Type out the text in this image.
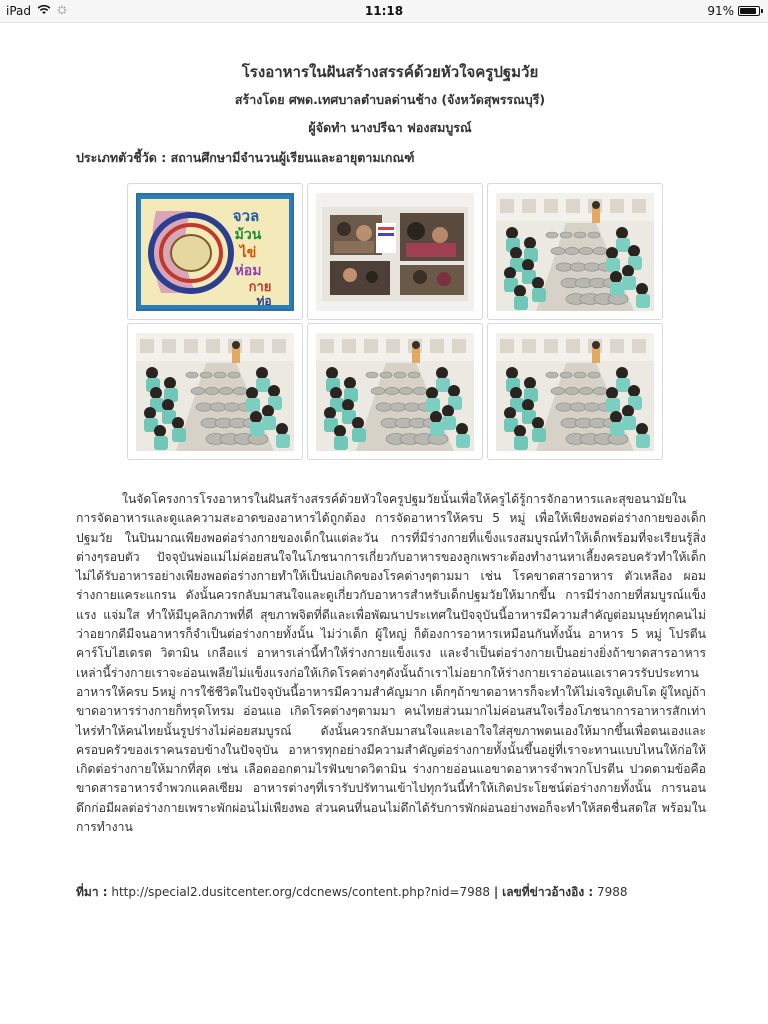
iPad	11:18	91%
โรงอาหารในฝันสร้างสรรค์ด้วยหัวใจครูปฐมวัย
สร้างโดย ศพด.เทศบาลตำบลด่านช้าง (จังหวัดสุพรรณบุรี)
ผู้จัดทำ นางปรีฉา ฟองสมบูรณ์
ประเภทตัวชี้วัด : สถานศึกษามีจำนวนผู้เรียนและอายุตามเกณฑ์
จวล
ม้วน
ไข่
ห่อม
กาย
ท่อ
ในจัดโครงการโรงอาหารในฝันสร้างสรรค์ด้วยหัวใจครูปฐมวัยนั้นเพื่อให้ครูได้รู้การจักอาหารและสุขอนามัยในการจัดอาหารและดูแลความสะอาดของอาหารได้ถูกต้อง การจัดอาหารให้ครบ 5 หมู่ เพื่อให้เพียงพอต่อร่างกายของเด็กปฐมวัย ในปินมาณเพียงพอต่อร่างกายของเด็กในแต่ละวัน การที่มีร่างกายที่แข็งแรงสมบูรณ์ทำให้เด็กพร้อมที่จะเรียนรู้สิ่งต่างๆรอบตัว ปัจจุบันพ่อแม่ไม่ค่อยสนใจในโภชนาการเกี่ยวกับอาหารของลูกเพราะต้องทำงานหาเลี้ยงครอบครัวทำให้เด็กไม่ได้รับอาหารอย่างเพียงพอต่อร่างกายทำให้เป็นบ่อเกิดของโรคต่างๆตามมา เช่น โรคขาดสารอาหาร ตัวเหลือง ผอม ร่างกายแคระแกรน ดังนั้นควรกลับมาสนใจและดูเกี่ยวกับอาหารสำหรับเด็กปฐมวัยให้มากขึ้น การมีร่างกายที่สมบูรณ์แข็งแรง แจ่มใส ทำให้มีบุคลิกภาพที่ดี สุขภาพจิตที่ดีและเพื่อพัฒนาประเทศในปัจจุบันนี้อาหารมีความสำคัญต่อมนุษย์ทุกคนไม่ว่าอยากดีมีจนอาหารก็จำเป็นต่อร่างกายทั้งนั้น ไม่ว่าเด็ก ผู้ใหญ่ ก็ต้องการอาหารเหมือนกันทั้งนั้น อาหาร 5 หมู่ โปรตีน คาร์โบไฮเดรต วิตามิน เกลือแร่ อาหารเล่านี้ทำให้ร่างกายแข็งแรง และจำเป็นต่อร่างกายเป็นอย่างยิ่งถ้าขาดสารอาหารเหล่านี้ร่างกายเราจะอ่อนเพลียไม่แข็งแรงก่อให้เกิดโรคต่างๆดังนั้นถ้าเราไม่อยากให้ร่างกายเราอ่อนแอเราควรรับประทานอาหารให้ครบ 5หมู่ การใช้ชีวิตในปัจจุบันนี้อาหารมีความสำคัญมาก เด็กๆถ้าขาดอาหารก็จะทำให้ไม่เจริญเติบโต ผู้ใหญ่ถ้าขาดอาหารร่างกายก็ทรุดโทรม อ่อนแอ เกิดโรคต่างๆตามมา คนไทยส่วนมากไม่ค่อนสนใจเรื่องโภชนาการอาหารสักเท่าไหร่ทำให้คนไทยนั้นรูปร่างไม่ค่อยสมบูรณ์ ดังนั้นควรกลับมาสนใจและเอาใจใส่สุขภาพตนเองให้มากขึ้นเพื่อตนเองและครอบครัวของเราคนรอบข้างในปัจจุบัน อาหารทุกอย่างมีความสำคัญต่อร่างกายทั้งนั้นขึ้นอยู่ที่เราจะทานแบบไหนให้ก่อให้เกิดต่อร่างกายให้มากที่สุด เช่น เลือดออกตามไรฟันขาดวิตามิน ร่างกายอ่อนแอขาดอาหารจำพวกโปรตีน ปวดตามข้อคือขาดสารอาหารจำพวกแคลเซียม อาหารต่างๆที่เรารับปรัทานเข้าไปทุกวันนี้ทำให้เกิดประโยชน์ต่อร่างกายทั้งนั้น การนอนดึกก่อมีผลต่อร่างกายเพราะพักผ่อนไม่เพียงพอ ส่วนคนที่นอนไม่ดึกได้รับการพักผ่อนอย่างพอก็จะทำให้สดชื่นสดใส พร้อมในการทำงาน
ที่มา : http://special2.dusitcenter.org/cdcnews/content.php?nid=7988 | เลขที่ข่าวอ้างอิง : 7988
